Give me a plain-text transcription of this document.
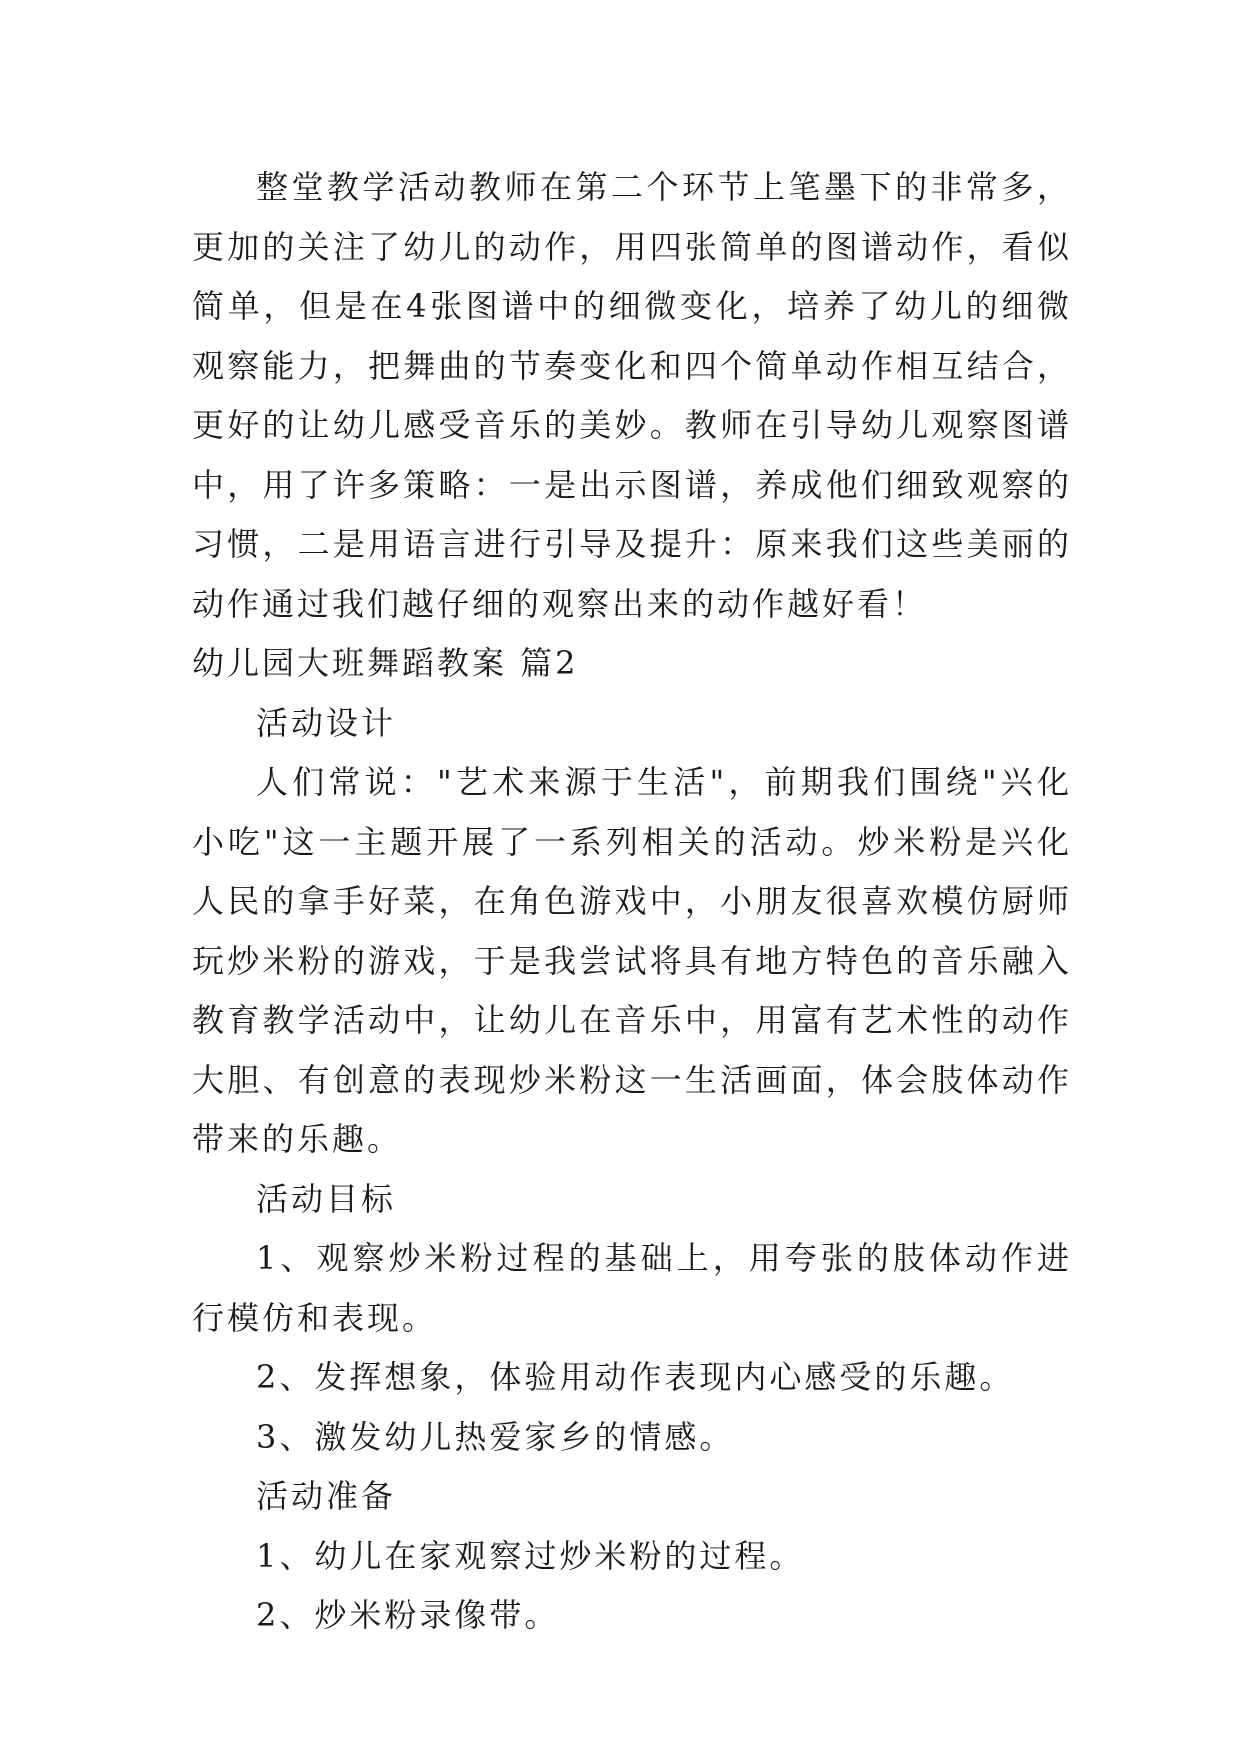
整堂教学活动教师在第二个环节上笔墨下的非常多，更加的关注了幼儿的动作，用四张简单的图谱动作，看似简单，但是在4张图谱中的细微变化，培养了幼儿的细微观察能力，把舞曲的节奏变化和四个简单动作相互结合，更好的让幼儿感受音乐的美妙。教师在引导幼儿观察图谱中，用了许多策略：一是出示图谱，养成他们细致观察的习惯，二是用语言进行引导及提升：原来我们这些美丽的动作通过我们越仔细的观察出来的动作越好看！

幼儿园大班舞蹈教案 篇2

活动设计

人们常说："艺术来源于生活"，前期我们围绕"兴化小吃"这一主题开展了一系列相关的活动。炒米粉是兴化人民的拿手好菜，在角色游戏中，小朋友很喜欢模仿厨师玩炒米粉的游戏，于是我尝试将具有地方特色的音乐融入教育教学活动中，让幼儿在音乐中，用富有艺术性的动作大胆、有创意的表现炒米粉这一生活画面，体会肢体动作带来的乐趣。

活动目标

1、观察炒米粉过程的基础上，用夸张的肢体动作进行模仿和表现。

2、发挥想象，体验用动作表现内心感受的乐趣。

3、激发幼儿热爱家乡的情感。

活动准备

1、幼儿在家观察过炒米粉的过程。

2、炒米粉录像带。
